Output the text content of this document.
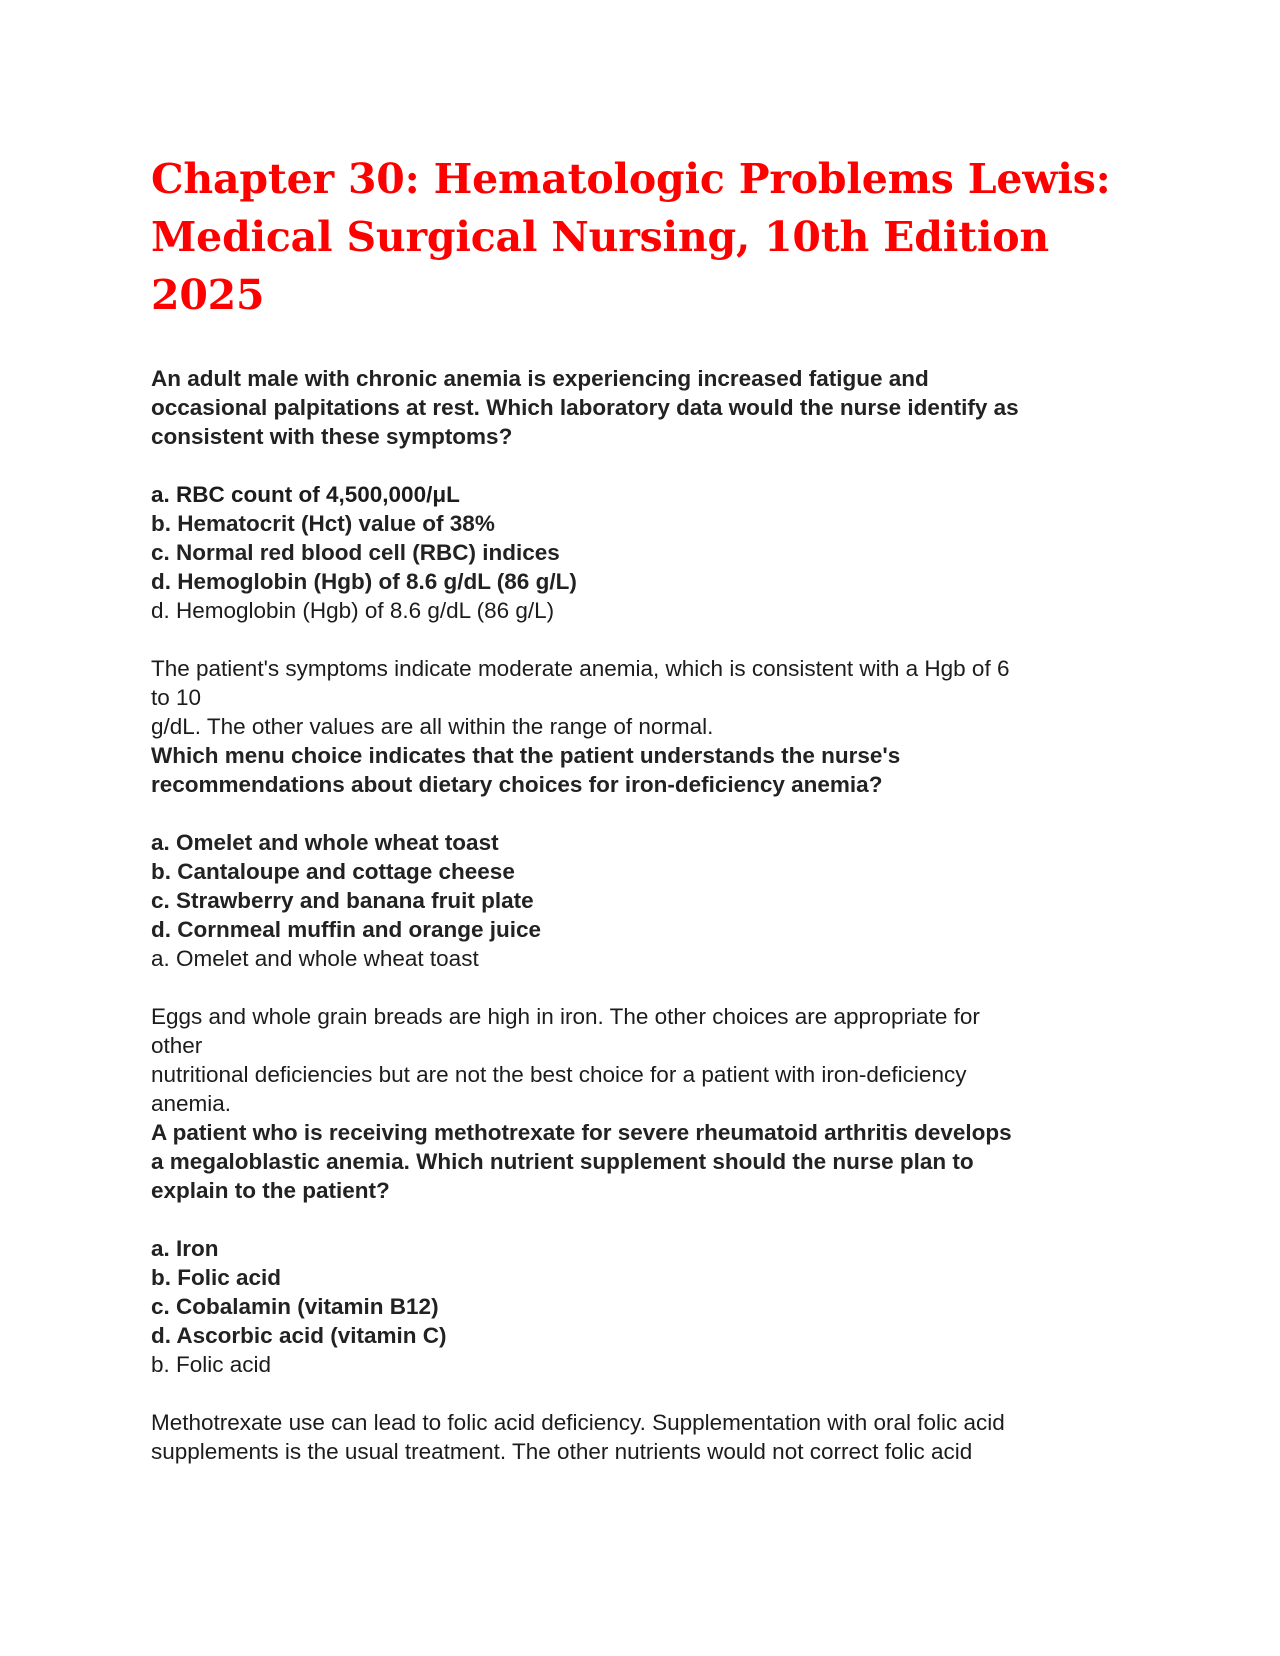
Chapter 30: Hematologic Problems Lewis: Medical Surgical Nursing, 10th Edition 2025

An adult male with chronic anemia is experiencing increased fatigue and

occasional palpitations at rest. Which laboratory data would the nurse identify as

consistent with these symptoms?

a. RBC count of 4,500,000/μL

b. Hematocrit (Hct) value of 38%

c. Normal red blood cell (RBC) indices

d. Hemoglobin (Hgb) of 8.6 g/dL (86 g/L)

d. Hemoglobin (Hgb) of 8.6 g/dL (86 g/L)

The patient's symptoms indicate moderate anemia, which is consistent with a Hgb of 6

to 10

g/dL. The other values are all within the range of normal.

Which menu choice indicates that the patient understands the nurse's

recommendations about dietary choices for iron-deficiency anemia?

a. Omelet and whole wheat toast

b. Cantaloupe and cottage cheese

c. Strawberry and banana fruit plate

d. Cornmeal muffin and orange juice

a. Omelet and whole wheat toast

Eggs and whole grain breads are high in iron. The other choices are appropriate for

other

nutritional deficiencies but are not the best choice for a patient with iron-deficiency

anemia.

A patient who is receiving methotrexate for severe rheumatoid arthritis develops

a megaloblastic anemia. Which nutrient supplement should the nurse plan to

explain to the patient?

a. Iron

b. Folic acid

c. Cobalamin (vitamin B12)

d. Ascorbic acid (vitamin C)

b. Folic acid

Methotrexate use can lead to folic acid deficiency. Supplementation with oral folic acid

supplements is the usual treatment. The other nutrients would not correct folic acid
